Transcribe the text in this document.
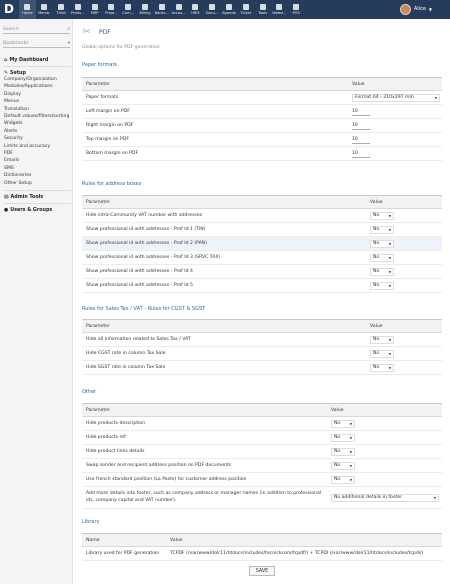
D	Home Memb. Third Produ... MRP Proje... Com... Billing Banks... Accou... HRM Docu... Agenda Ticket Tools Websi... POS
Alice ▼
Search	⌕
Bookmarks	▾
⌂ My Dashboard
✎ Setup
Company/Organization
Modules/Applications
Display
Menus
Translation
Default values/filters/sorting
Widgets
Alerts
Security
Limits and accuracy
PDF
Emails
SMS
Dictionaries
Other Setup
▤ Admin Tools
● Users & Groups
✂	PDF
Global options for PDF generation
Paper formats
Parameter	Value
Paper formats	Format A4 - 210x297 mm ▼

Left margin on PDF	10
Right margin on PDF	10
Top margin on PDF	10
Bottom margin on PDF	10
Rules for address boxes
Parameter	Value
Hide intra-Community VAT number with addresses	No ▼

Show professional id with addresses - Prof Id 1 (TIN)	No ▼

Show professional id with addresses - Prof Id 2 (PAN)	No ▼

Show professional id with addresses - Prof Id 3 (SRVC TAX)	No ▼

Show professional id with addresses - Prof Id 4	No ▼

Show professional id with addresses - Prof Id 5	No ▼
Rules for Sales Tax / VAT - Rules for CGST & SGST
Parameter	Value
Hide all information related to Sales Tax / VAT	No ▼

Hide CGST rate in column Tax Sale	No ▼

Hide SGST rate in column Tax Sale	No ▼
Other
Parameter	Value
Hide products description	No ▼

Hide products ref.	No ▼

Hide product lines details	No ▼

Swap sender and recipient address position on PDF documents	No ▼

Use french standard position (La Poste) for customer address position	No ▼

Add more details into footer, such as company address or manager names (in addition to professional ids, company capital and VAT number).	No additional details in footer ▼
Library
Name	Value
Library used for PDF generation	TCPDF (/var/www/dolr11/htdocs/includes/tecnickcom/tcpdf/) + TCPDI (/var/www/dolr11/htdocs/includes/tcpdi/)
SAVE
